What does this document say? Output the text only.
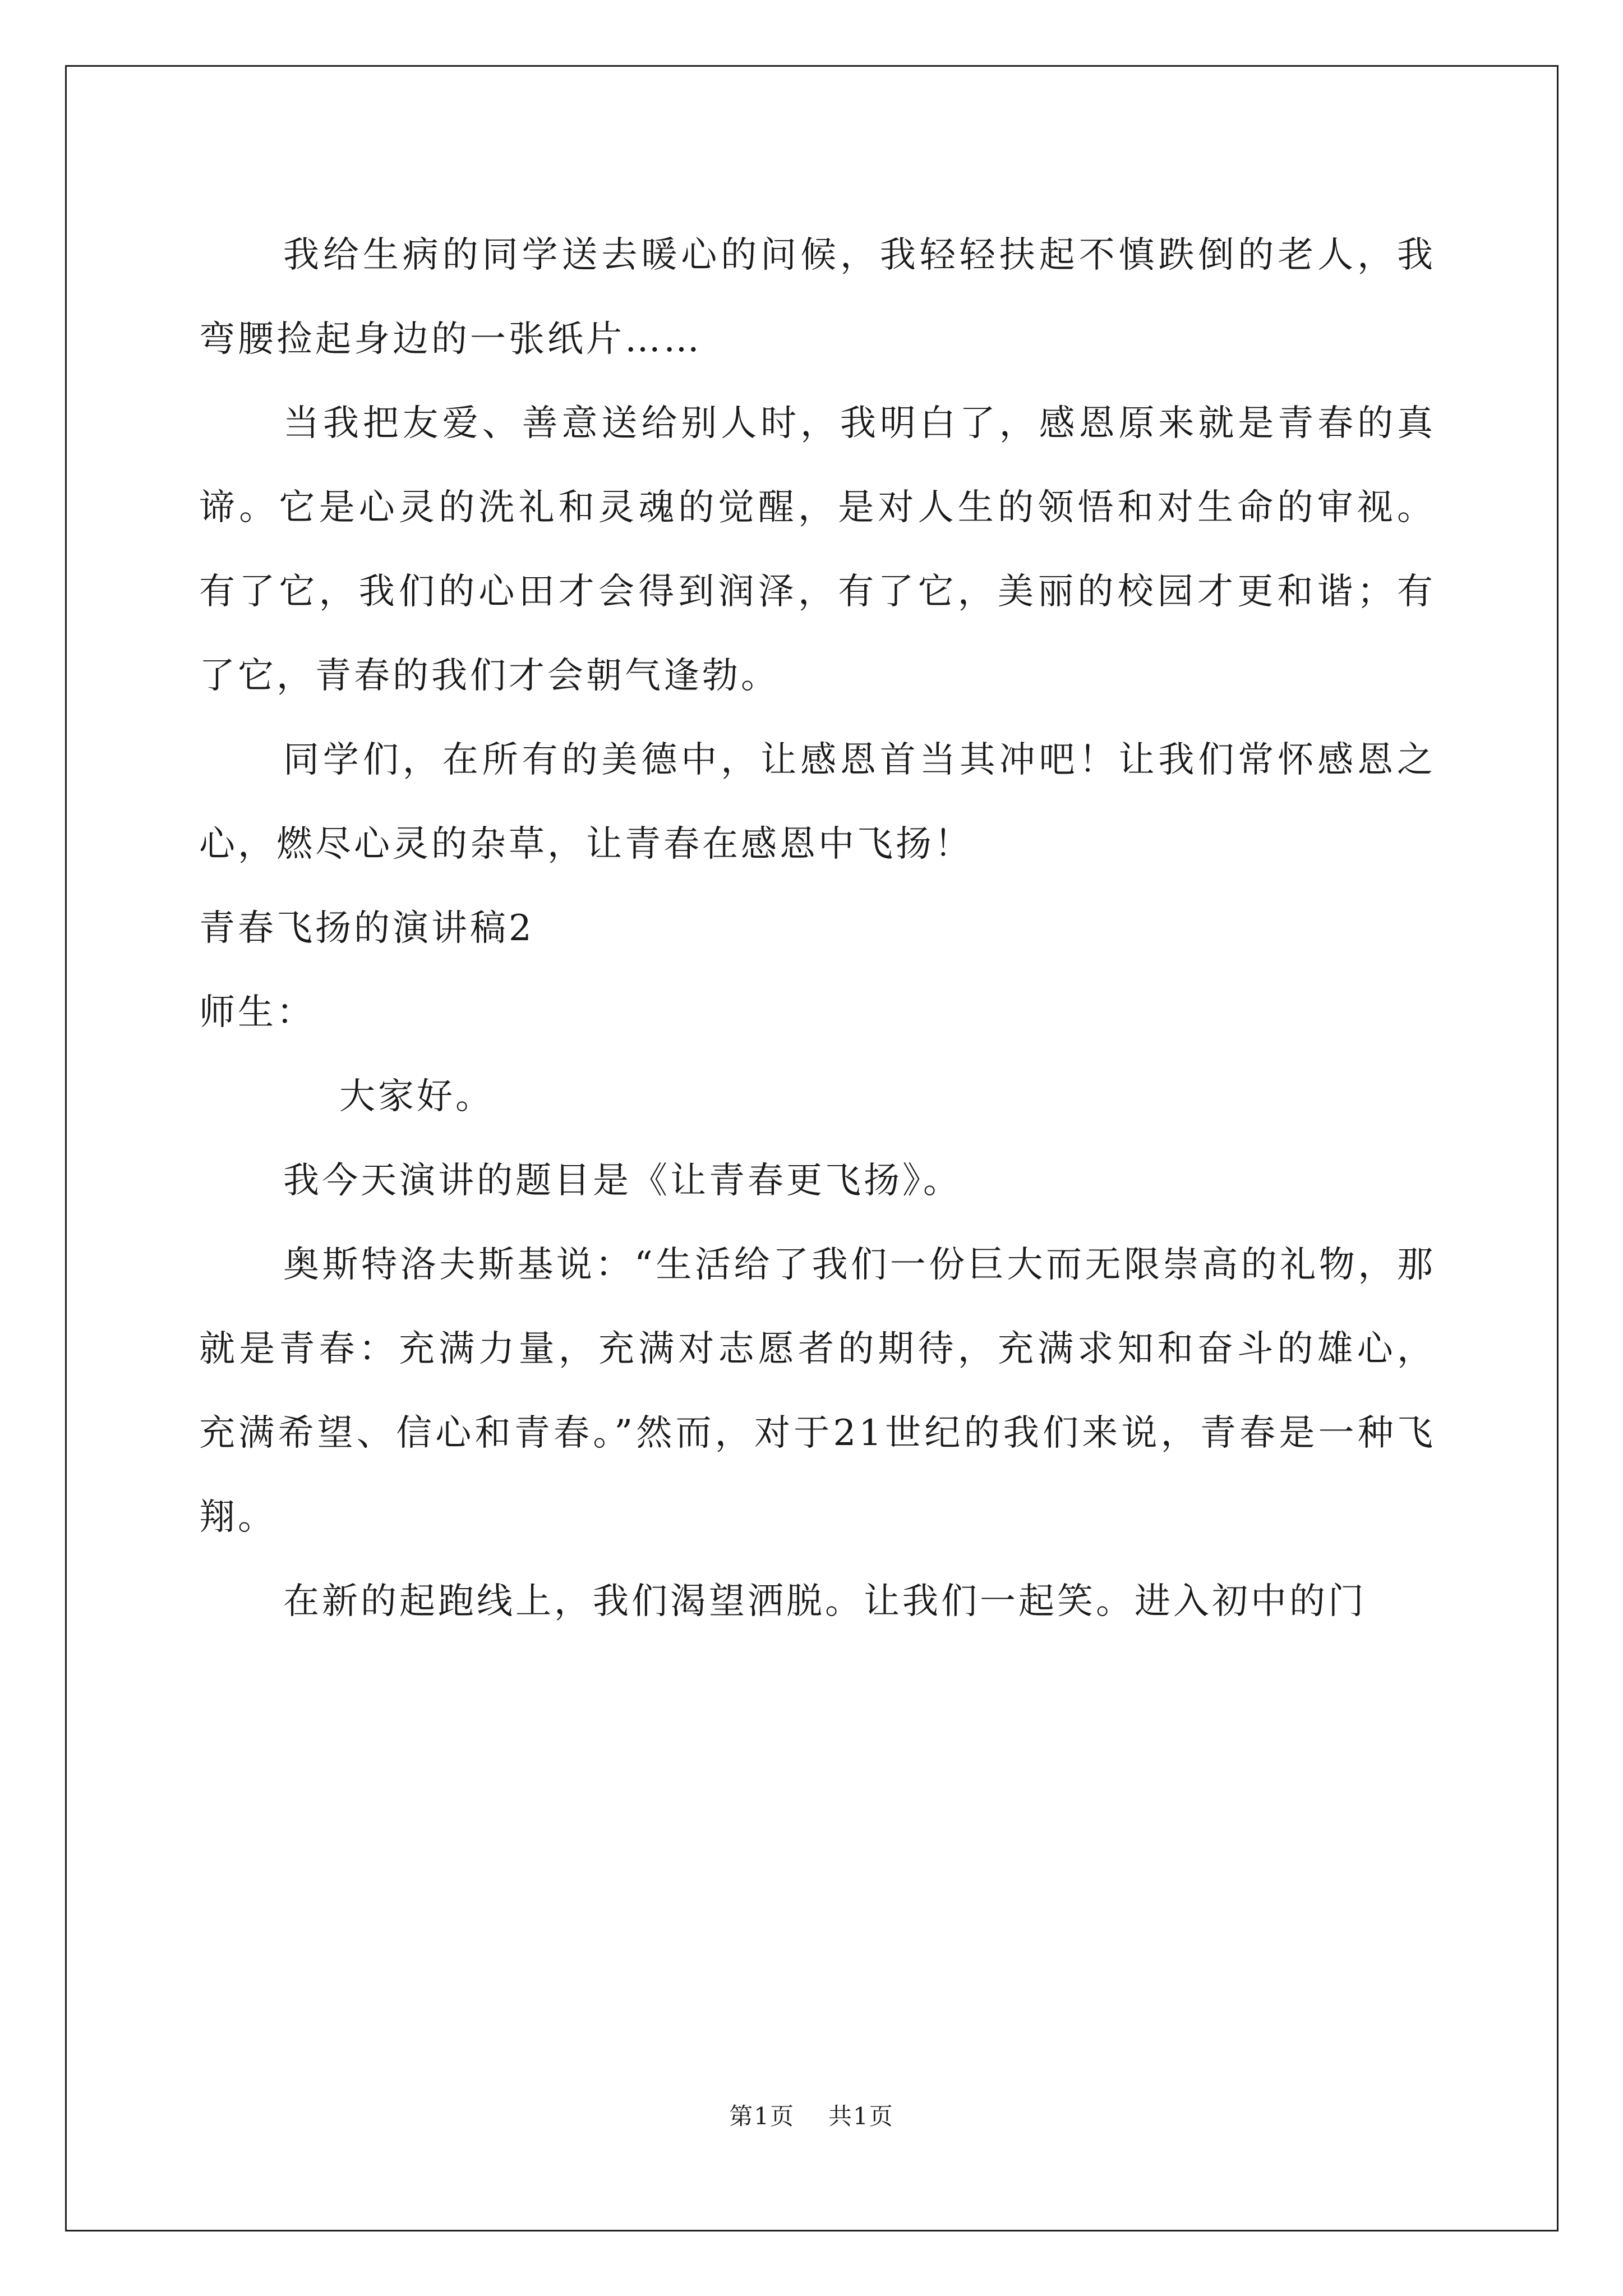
我给生病的同学送去暖心的问候，我轻轻扶起不慎跌倒的老人，我弯腰捡起身边的一张纸片……

当我把友爱、善意送给别人时，我明白了，感恩原来就是青春的真谛。它是心灵的洗礼和灵魂的觉醒，是对人生的领悟和对生命的审视。有了它，我们的心田才会得到润泽，有了它，美丽的校园才更和谐；有了它，青春的我们才会朝气逢勃。

同学们，在所有的美德中，让感恩首当其冲吧！让我们常怀感恩之心，燃尽心灵的杂草，让青春在感恩中飞扬！

青春飞扬的演讲稿2

师生：

大家好。

我今天演讲的题目是《让青春更飞扬》。

奥斯特洛夫斯基说：“生活给了我们一份巨大而无限崇高的礼物，那就是青春：充满力量，充满对志愿者的期待，充满求知和奋斗的雄心，充满希望、信心和青春。”然而，对于21世纪的我们来说，青春是一种飞翔。

在新的起跑线上，我们渴望洒脱。让我们一起笑。进入初中的门

第1页 共1页
